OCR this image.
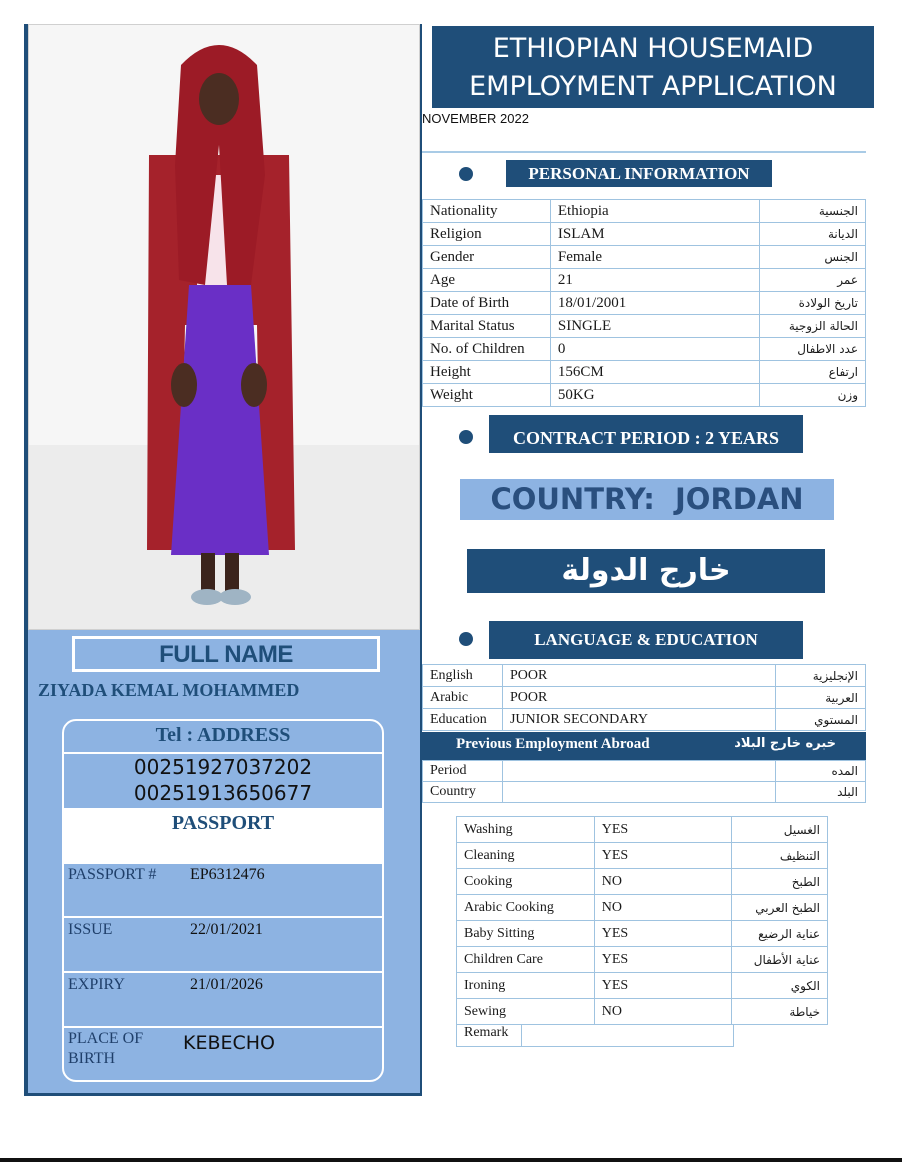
FULL NAME
ZIYADA KEMAL MOHAMMED
Tel : ADDRESS
00251927037202
00251913650677
PASSPORT
PASSPORT # EP6312476
ISSUE	22/01/2021
EXPIRY	21/01/2026
PLACE OF BIRTH
KEBECHO
ETHIOPIAN HOUSEMAID
EMPLOYMENT APPLICATION
NOVEMBER 2022
PERSONAL INFORMATION
Nationality	Ethiopia	الجنسية
Religion	ISLAM	الديانة
Gender	Female	الجنس
Age	21	عمر
Date of Birth	18/01/2001	تاريخ الولادة
Marital Status	SINGLE	الحالة الزوجية
No. of Children	0	عدد الاطفال
Height	156CM	ارتفاع
Weight	50KG	وزن
CONTRACT PERIOD : 2 YEARS
COUNTRY: JORDAN
خارج الدولة
LANGUAGE & EDUCATION
English	POOR	الإنجليزية
Arabic	POOR	العربية
Education	JUNIOR SECONDARY	المستوي
Previous Employment Abroad	خبره خارج البلاد
Period		المده
Country		البلد
Washing	YES	الغسيل
Cleaning	YES	التنظيف
Cooking	NO	الطبخ
Arabic Cooking	NO	الطبخ العربي
Baby Sitting	YES	عناية الرضيع
Children Care	YES	عناية الأطفال
Ironing	YES	الكوي
Sewing	NO	خياطة
Remark
